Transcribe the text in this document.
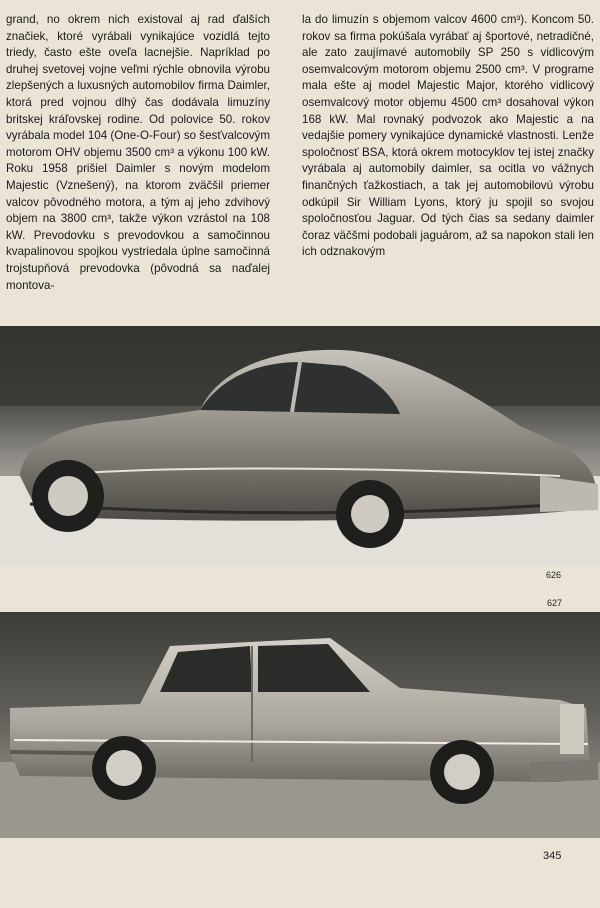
grand, no okrem nich existoval aj rad ďalších značiek, ktoré vyrábali vynikajúce vozidlá tejto triedy, často ešte oveľa lacnejšie. Napríklad po druhej svetovej vojne veľmi rýchle obnovila výrobu zlepšených a luxusných automobilov firma Daimler, ktorá pred vojnou dlhý čas dodávala limuzíny britskej kráľovskej rodine. Od polovice 50. rokov vyrábala model 104 (One-O-Four) so šesťvalcovým motorom OHV objemu 3500 cm³ a výkonu 100 kW. Roku 1958 prišiel Daimler s novým modelom Majestic (Vznešený), na ktorom zväčšil priemer valcov pôvodného motora, a tým aj jeho zdvihový objem na 3800 cm³, takže výkon vzrástol na 108 kW. Prevodovku s prevodovkou a samočinnou kvapalinovou spojkou vystriedala úplne samočinná trojstupňová prevodovka (pôvodná sa naďalej montova-

la do limuzín s objemom valcov 4600 cm³). Koncom 50. rokov sa firma pokúšala vyrábať aj športové, netradičné, ale zato zaujímavé automobily SP 250 s vidlicovým osemvalcovým motorom objemu 2500 cm³. V programe mala ešte aj model Majestic Major, ktorého vidlicový osemvalcový motor objemu 4500 cm³ dosahoval výkon 168 kW. Mal rovnaký podvozok ako Majestic a na vedajšie pomery vynikajúce dynamické vlastnosti. Lenže spoločnosť BSA, ktorá okrem motocyklov tej istej značky vyrábala aj automobily daimler, sa ocitla vo vážnych finančných ťažkostiach, a tak jej automobilovú výrobu odkúpil Sir William Lyons, ktorý ju spojil so svojou spoločnosťou Jaguar. Od tých čias sa sedany daimler čoraz väčšmi podobali jaguárom, až sa napokon stali len ich odznakovým

626
627
345
